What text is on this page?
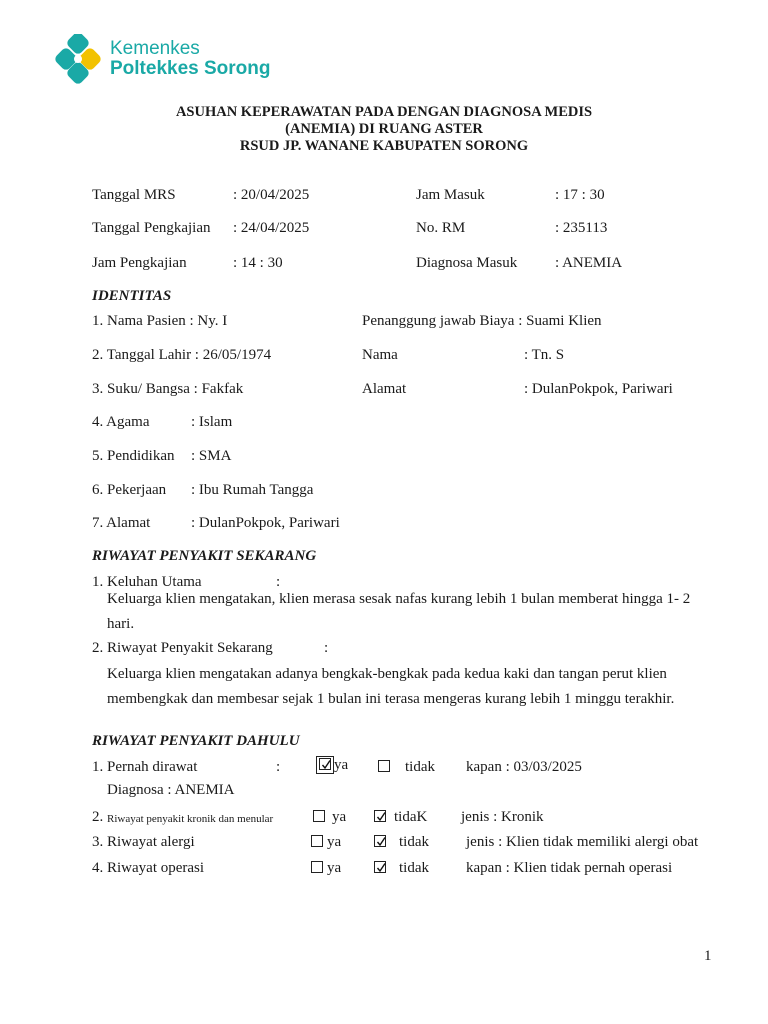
Kemenkes
Poltekkes Sorong
ASUHAN KEPERAWATAN PADA DENGAN DIAGNOSA MEDIS
(ANEMIA) DI RUANG ASTER
RSUD JP. WANANE KABUPATEN SORONG
Tanggal MRS	: 20/04/2025	Jam Masuk	: 17 : 30
Tanggal Pengkajian : 24/04/2025	No. RM	: 235113
Jam Pengkajian	: 14 : 30	Diagnosa Masuk	: ANEMIA
IDENTITAS
1. Nama Pasien : Ny. I	Penanggung jawab Biaya : Suami Klien
2. Tanggal Lahir : 26/05/1974	Nama	: Tn. S
3. Suku/ Bangsa : Fakfak	Alamat	: DulanPokpok, Pariwari
4. Agama	: Islam
5. Pendidikan : SMA
6. Pekerjaan : Ibu Rumah Tangga
7. Alamat	: DulanPokpok, Pariwari
RIWAYAT PENYAKIT SEKARANG
1. Keluhan Utama	:
Keluarga klien mengatakan, klien merasa sesak nafas kurang lebih 1 bulan memberat hingga 1- 2
hari.
2. Riwayat Penyakit Sekarang	:
Keluarga klien mengatakan adanya bengkak-bengkak pada kedua kaki dan tangan perut klien
membengkak dan membesar sejak 1 bulan ini terasa mengeras kurang lebih 1 minggu terakhir.
RIWAYAT PENYAKIT DAHULU
1. Pernah dirawat	:	ya	tidak kapan : 03/03/2025
Diagnosa : ANEMIA
2. Riwayat penyakit kronik dan menular	ya	tidaK jenis : Kronik
3. Riwayat alergi	ya	tidak jenis : Klien tidak memiliki alergi obat
4. Riwayat operasi	ya	tidak kapan : Klien tidak pernah operasi
1
